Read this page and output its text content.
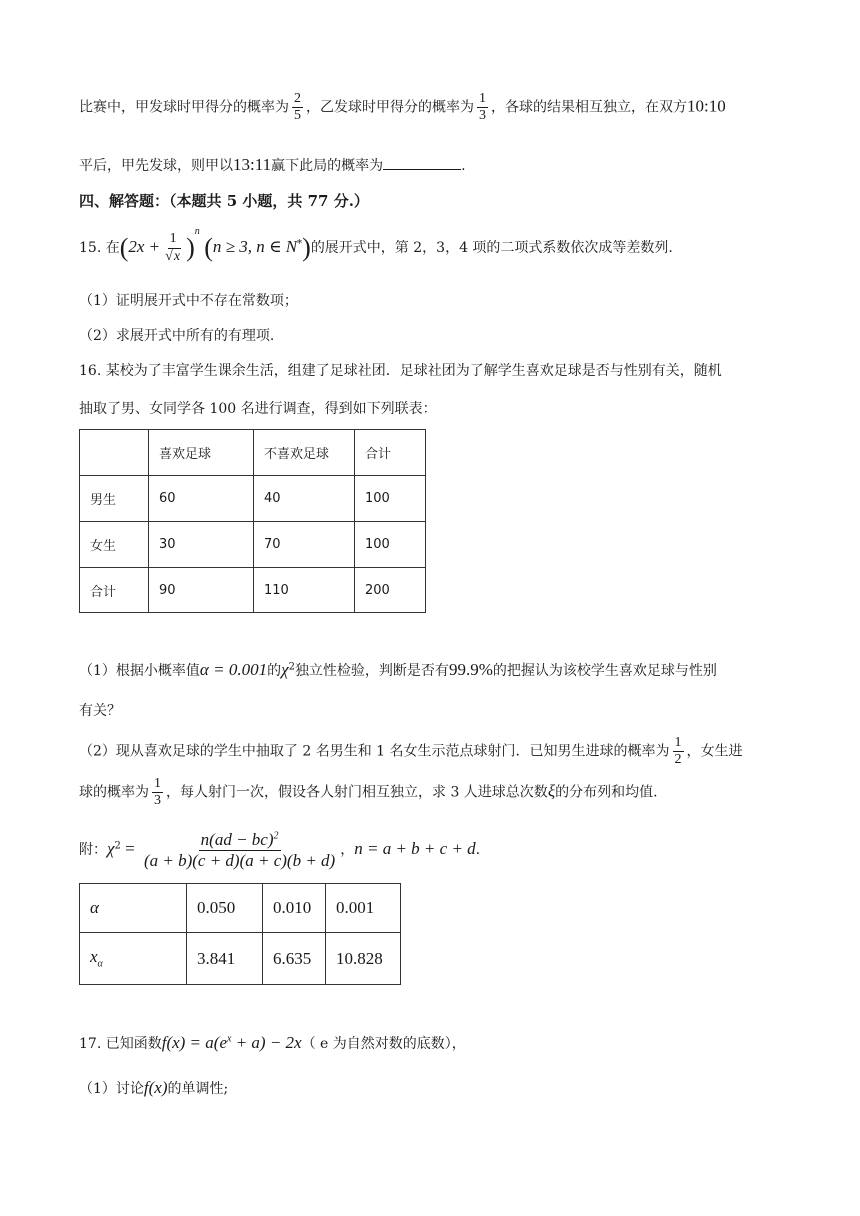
比赛中，甲发球时甲得分的概率为 $\frac{2}{5}$ ，乙发球时甲得分的概率为 $\frac{1}{3}$ ，各球的结果相互独立，在双方10:10
平后，甲先发球，则甲以13:11赢下此局的概率为	.
四、解答题：（本题共 5 小题，共 77 分.）
15. 在$(2x + \frac{1}{√x} )^n$ (n ≥ 3, n ∈ N*)的展开式中，第 2，3，4 项的二项式系数依次成等差数列.
（1）证明展开式中不存在常数项；
（2）求展开式中所有的有理项.
16. 某校为了丰富学生课余生活，组建了足球社团．足球社团为了解学生喜欢足球是否与性别有关，随机
抽取了男、女同学各 100 名进行调查，得到如下列联表：
	喜欢足球	不喜欢足球	合计
男生	60	40	100
女生	30	70	100
合计	90	110	200
（1）根据小概率值α = 0.001的$\chi^2$独立性检验，判断是否有99.9%的把握认为该校学生喜欢足球与性别
有关？
（2）现从喜欢足球的学生中抽取了 2 名男生和 1 名女生示范点球射门．已知男生进球的概率为 $\frac{1}{2}$ ，女生进
球的概率为 $\frac{1}{3}$ ，每人射门一次，假设各人射门相互独立，求 3 人进球总次数ξ的分布列和均值.
附：$\chi^2 = \frac{n(ad - bc)^2}{(a + b)(c + d)(a + c)(b + d)}$ ，n = a + b + c + d.
α	0.050	0.010	0.001
$x_\alpha$	3.841	6.635	10.828
17. 已知函数$f(x) = a(e^x + a) - 2x$（ e 为自然对数的底数），
（1）讨论f(x)的单调性;
